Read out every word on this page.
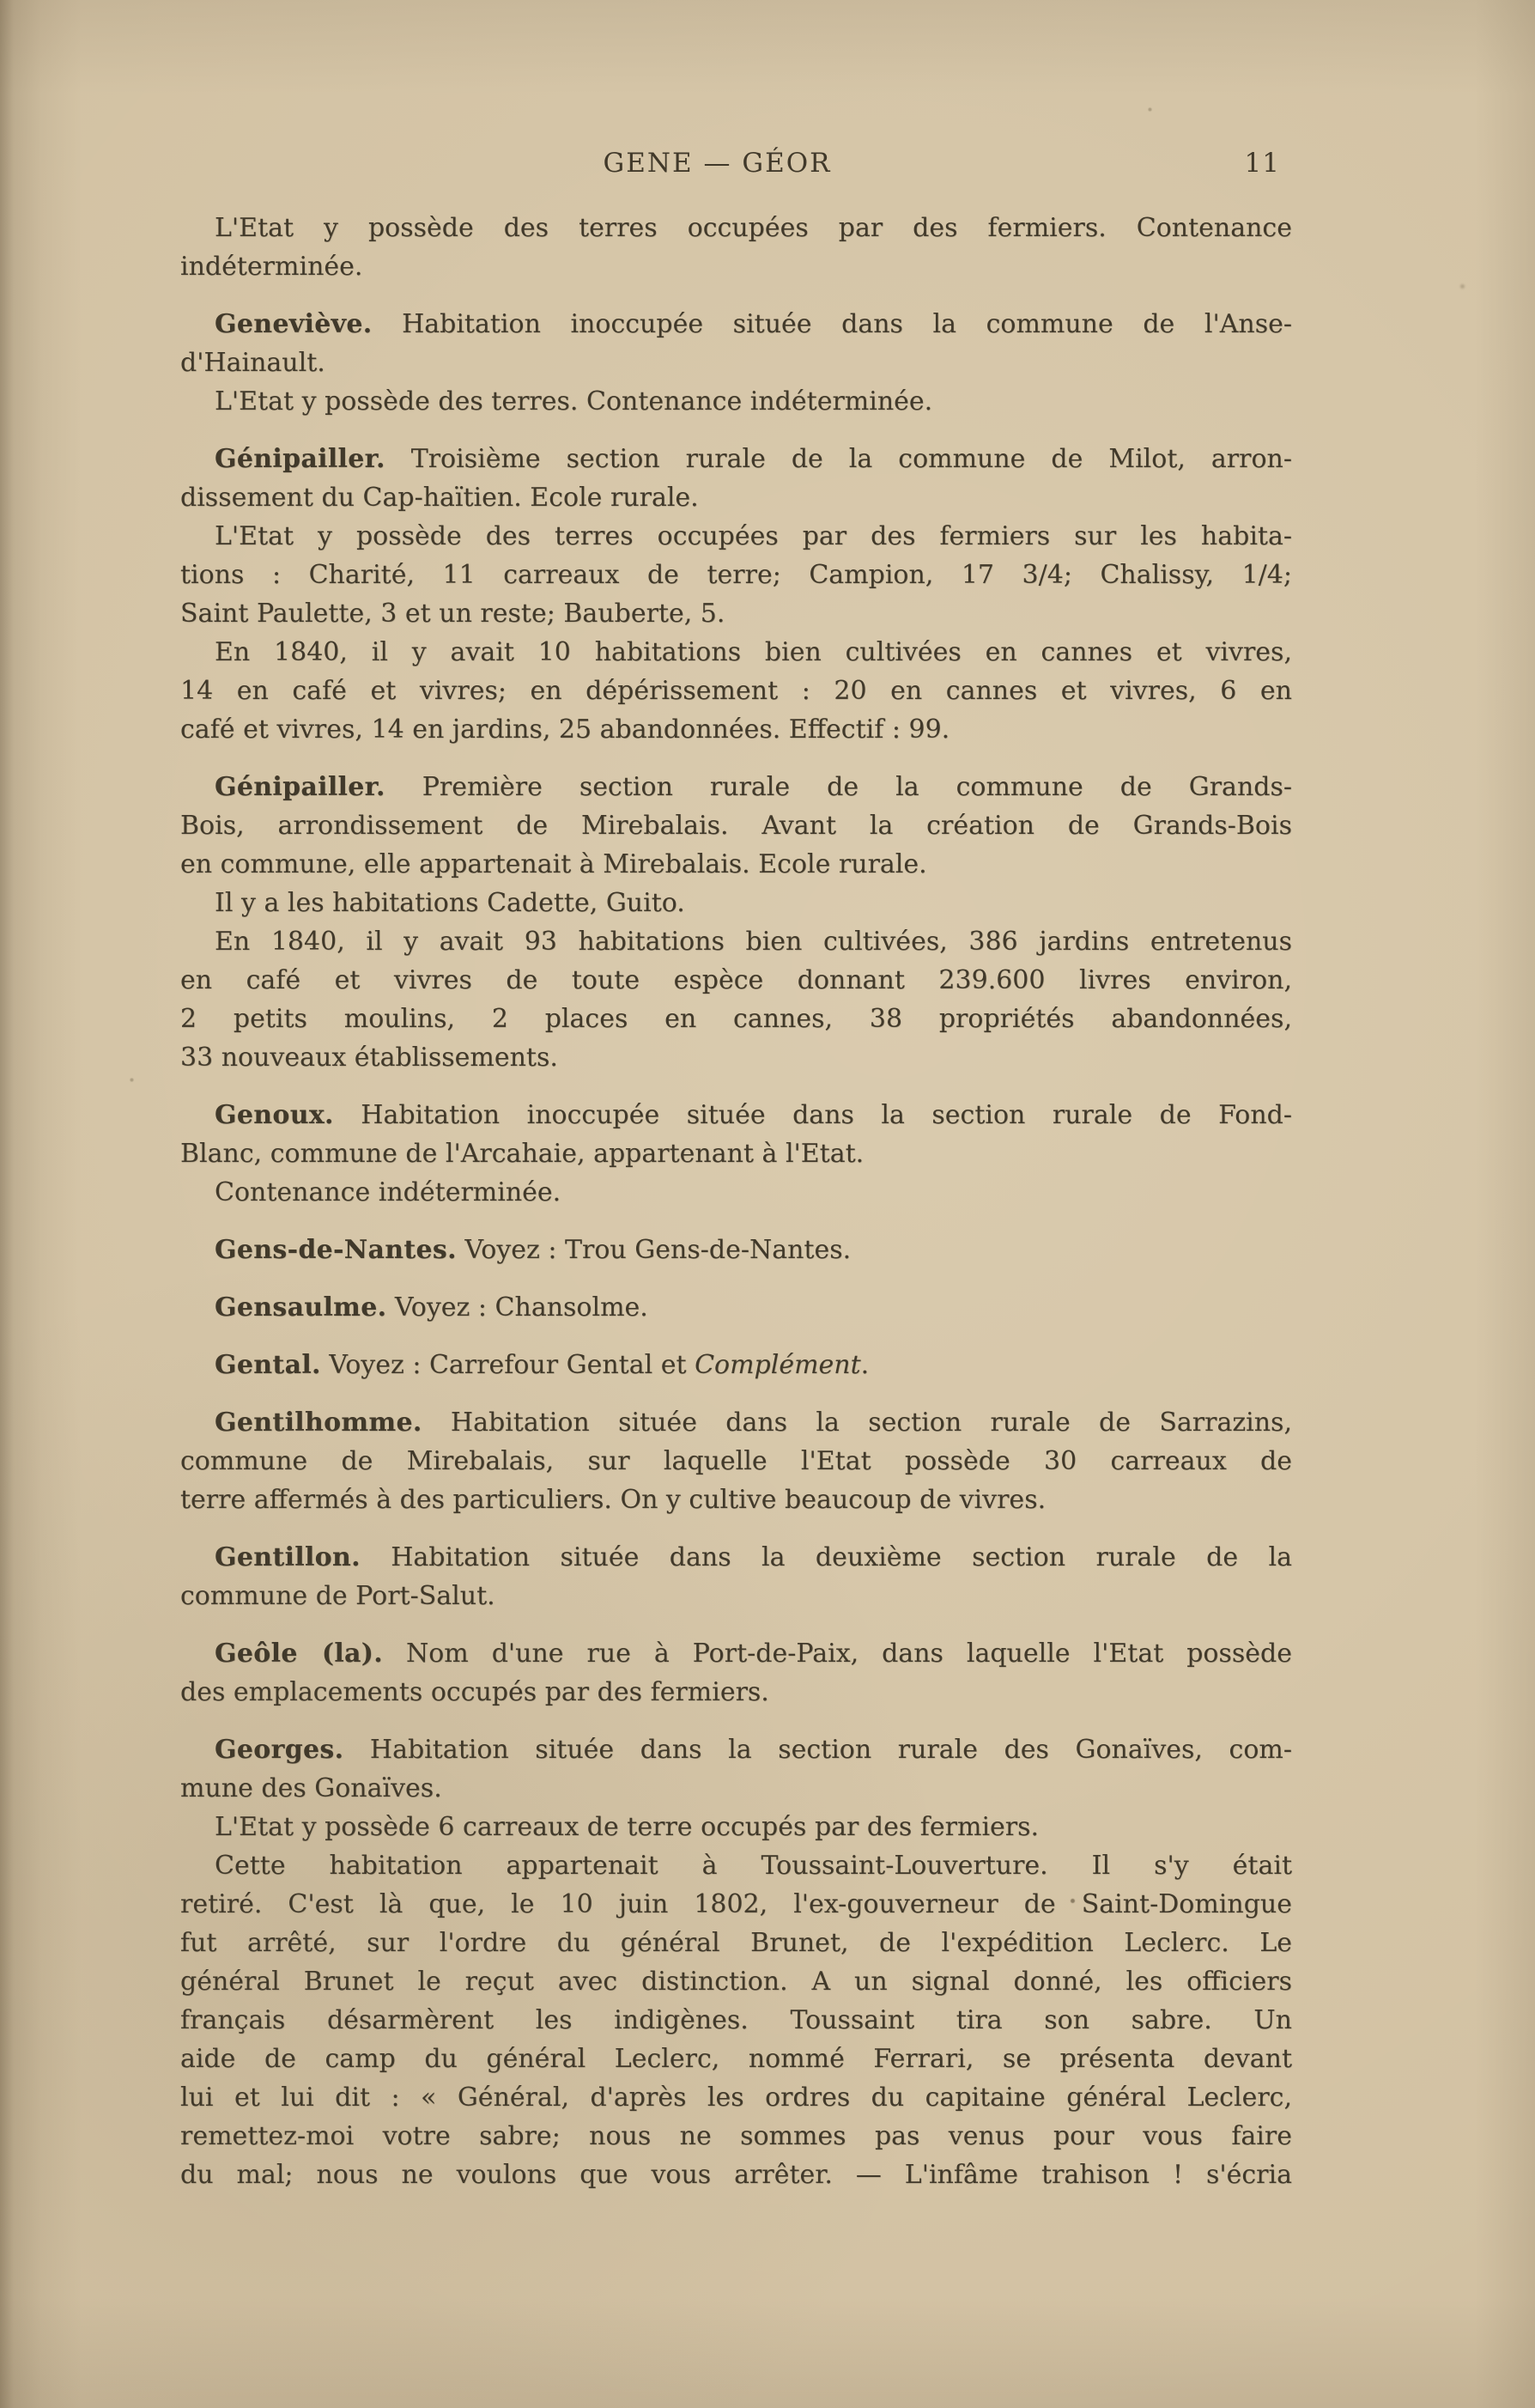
GENE — GÉOR	11
L'Etat y possède des terres occupées par des fermiers. Contenance
indéterminée.
Geneviève. Habitation inoccupée située dans la commune de l'Anse-
d'Hainault.
L'Etat y possède des terres. Contenance indéterminée.
Génipailler. Troisième section rurale de la commune de Milot, arron-
dissement du Cap-haïtien. Ecole rurale.
L'Etat y possède des terres occupées par des fermiers sur les habita-
tions : Charité, 11 carreaux de terre; Campion, 17 3/4; Chalissy, 1/4;
Saint Paulette, 3 et un reste; Bauberte, 5.
En 1840, il y avait 10 habitations bien cultivées en cannes et vivres,
14 en café et vivres; en dépérissement : 20 en cannes et vivres, 6 en
café et vivres, 14 en jardins, 25 abandonnées. Effectif : 99.
Génipailler. Première section rurale de la commune de Grands-
Bois, arrondissement de Mirebalais. Avant la création de Grands-Bois
en commune, elle appartenait à Mirebalais. Ecole rurale.
Il y a les habitations Cadette, Guito.
En 1840, il y avait 93 habitations bien cultivées, 386 jardins entretenus
en café et vivres de toute espèce donnant 239.600 livres environ,
2 petits moulins, 2 places en cannes, 38 propriétés abandonnées,
33 nouveaux établissements.
Genoux. Habitation inoccupée située dans la section rurale de Fond-
Blanc, commune de l'Arcahaie, appartenant à l'Etat.
Contenance indéterminée.
Gens-de-Nantes. Voyez : Trou Gens-de-Nantes.
Gensaulme. Voyez : Chansolme.
Gental. Voyez : Carrefour Gental et Complément.
Gentilhomme. Habitation située dans la section rurale de Sarrazins,
commune de Mirebalais, sur laquelle l'Etat possède 30 carreaux de
terre affermés à des particuliers. On y cultive beaucoup de vivres.
Gentillon. Habitation située dans la deuxième section rurale de la
commune de Port-Salut.
Geôle (la). Nom d'une rue à Port-de-Paix, dans laquelle l'Etat possède
des emplacements occupés par des fermiers.
Georges. Habitation située dans la section rurale des Gonaïves, com-
mune des Gonaïves.
L'Etat y possède 6 carreaux de terre occupés par des fermiers.
Cette habitation appartenait à Toussaint-Louverture. Il s'y était
retiré. C'est là que, le 10 juin 1802, l'ex-gouverneur de Saint-Domingue
fut arrêté, sur l'ordre du général Brunet, de l'expédition Leclerc. Le
général Brunet le reçut avec distinction. A un signal donné, les officiers
français désarmèrent les indigènes. Toussaint tira son sabre. Un
aide de camp du général Leclerc, nommé Ferrari, se présenta devant
lui et lui dit : « Général, d'après les ordres du capitaine général Leclerc,
remettez-moi votre sabre; nous ne sommes pas venus pour vous faire
du mal; nous ne voulons que vous arrêter. — L'infâme trahison ! s'écria
